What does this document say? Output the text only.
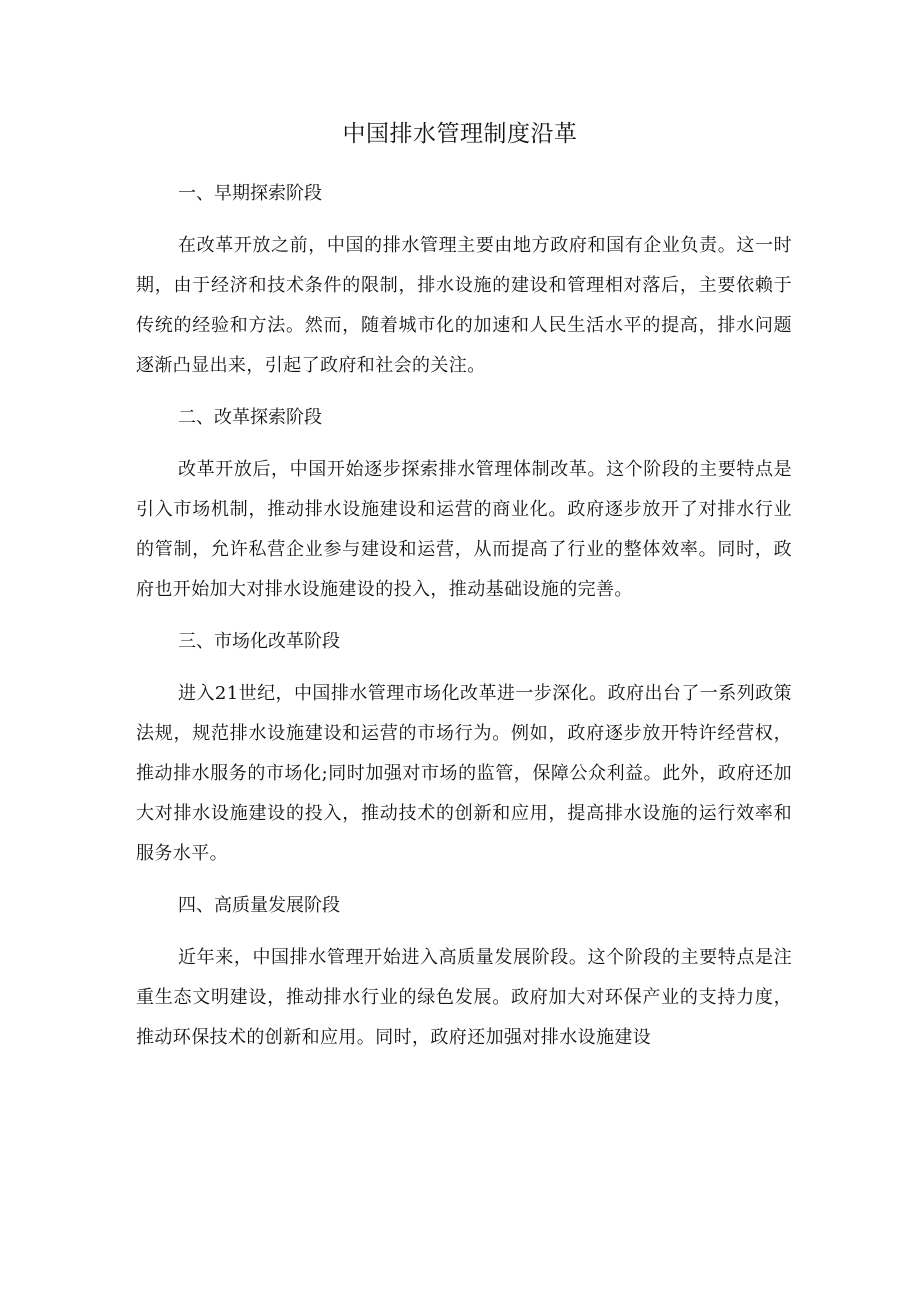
中国排水管理制度沿革
一、早期探索阶段

在改革开放之前，中国的排水管理主要由地方政府和国有企业负责。这一时期，由于经济和技术条件的限制，排水设施的建设和管理相对落后，主要依赖于传统的经验和方法。然而，随着城市化的加速和人民生活水平的提高，排水问题逐渐凸显出来，引起了政府和社会的关注。

二、改革探索阶段

改革开放后，中国开始逐步探索排水管理体制改革。这个阶段的主要特点是引入市场机制，推动排水设施建设和运营的商业化。政府逐步放开了对排水行业的管制，允许私营企业参与建设和运营，从而提高了行业的整体效率。同时，政府也开始加大对排水设施建设的投入，推动基础设施的完善。

三、市场化改革阶段

进入21世纪，中国排水管理市场化改革进一步深化。政府出台了一系列政策法规，规范排水设施建设和运营的市场行为。例如，政府逐步放开特许经营权，推动排水服务的市场化;同时加强对市场的监管，保障公众利益。此外，政府还加大对排水设施建设的投入，推动技术的创新和应用，提高排水设施的运行效率和服务水平。

四、高质量发展阶段

近年来，中国排水管理开始进入高质量发展阶段。这个阶段的主要特点是注重生态文明建设，推动排水行业的绿色发展。政府加大对环保产业的支持力度，推动环保技术的创新和应用。同时，政府还加强对排水设施建设
